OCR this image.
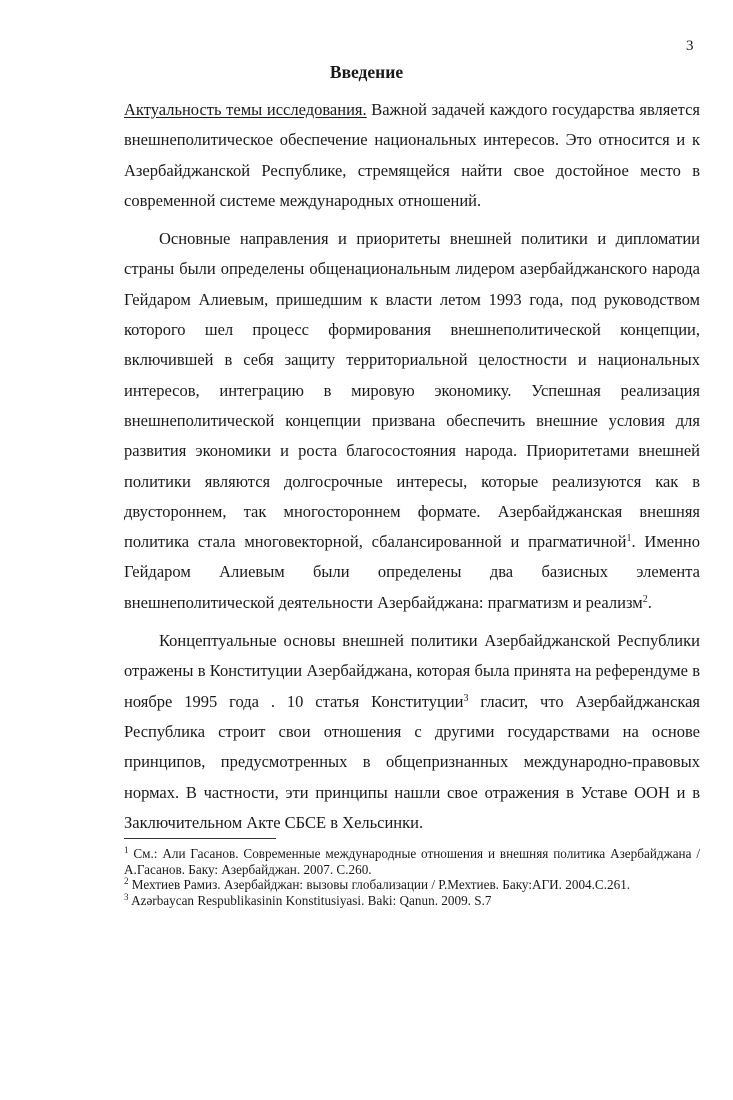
3
Введение

Актуальность темы исследования. Важной задачей каждого государства является внешнеполитическое обеспечение национальных интересов. Это относится и к Азербайджанской Республике, стремящейся найти свое достойное место в современной системе международных отношений.

Основные направления и приоритеты внешней политики и дипломатии страны были определены общенациональным лидером азербайджанского народа Гейдаром Алиевым, пришедшим к власти летом 1993 года, под руководством которого шел процесс формирования внешнеполитической концепции, включившей в себя защиту территориальной целостности и национальных интересов, интеграцию в мировую экономику. Успешная реализация внешнеполитической концепции призвана обеспечить внешние условия для развития экономики и роста благосостояния народа. Приоритетами внешней политики являются долгосрочные интересы, которые реализуются как в двустороннем, так многостороннем формате. Азербайджанская внешняя политика стала многовекторной, сбалансированной и прагматичной$^1$. Именно Гейдаром Алиевым были определены два базисных элемента внешнеполитической деятельности Азербайджана: прагматизм и реализм$^2$.

Концептуальные основы внешней политики Азербайджанской Республики отражены в Конституции Азербайджана, которая была принята на референдуме в ноябре 1995 года . 10 статья Конституции$^3$ гласит, что Азербайджанская Республика строит свои отношения с другими государствами на основе принципов, предусмотренных в общепризнанных международно-правовых нормах. В частности, эти принципы нашли свое отражения в Уставе ООН и в Заключительном Акте СБСЕ в Хельсинки.

$^1$ См.: Али Гасанов. Современные международные отношения и внешняя политика Азербайджана / А.Гасанов. Баку: Азербайджан. 2007. С.260.

$^2$ Мехтиев Рамиз. Азербайджан: вызовы глобализации / Р.Мехтиев. Баку:АГИ. 2004.С.261.

$^3$ Azərbaycan Respublikasinin Konstitusiyasi. Baki: Qanun. 2009. S.7
